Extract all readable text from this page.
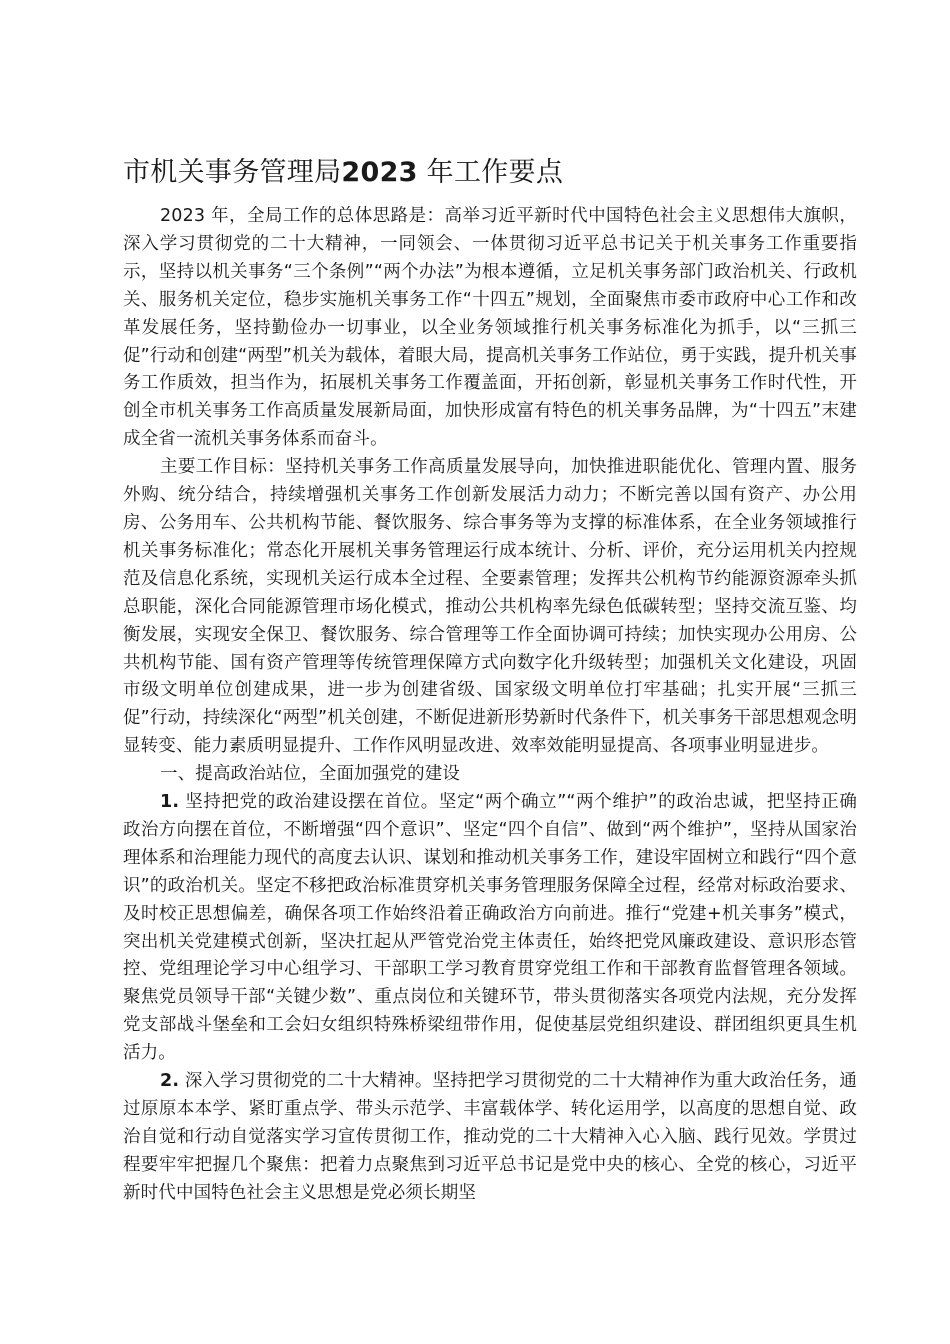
市机关事务管理局2023 年工作要点

2023 年，全局工作的总体思路是：高举习近平新时代中国特色社会主义思想伟大旗帜，深入学习贯彻党的二十大精神，一同领会、一体贯彻习近平总书记关于机关事务工作重要指示，坚持以机关事务“三个条例”“两个办法”为根本遵循，立足机关事务部门政治机关、行政机关、服务机关定位，稳步实施机关事务工作“十四五”规划，全面聚焦市委市政府中心工作和改革发展任务，坚持勤俭办一切事业，以全业务领域推行机关事务标准化为抓手，以“三抓三促”行动和创建“两型”机关为载体，着眼大局，提高机关事务工作站位，勇于实践，提升机关事务工作质效，担当作为，拓展机关事务工作覆盖面，开拓创新，彰显机关事务工作时代性，开创全市机关事务工作高质量发展新局面，加快形成富有特色的机关事务品牌，为“十四五”末建成全省一流机关事务体系而奋斗。

主要工作目标：坚持机关事务工作高质量发展导向，加快推进职能优化、管理内置、服务外购、统分结合，持续增强机关事务工作创新发展活力动力；不断完善以国有资产、办公用房、公务用车、公共机构节能、餐饮服务、综合事务等为支撑的标准体系，在全业务领域推行机关事务标准化；常态化开展机关事务管理运行成本统计、分析、评价，充分运用机关内控规范及信息化系统，实现机关运行成本全过程、全要素管理；发挥共公机构节约能源资源牵头抓总职能，深化合同能源管理市场化模式，推动公共机构率先绿色低碳转型；坚持交流互鉴、均衡发展，实现安全保卫、餐饮服务、综合管理等工作全面协调可持续；加快实现办公用房、公共机构节能、国有资产管理等传统管理保障方式向数字化升级转型；加强机关文化建设，巩固市级文明单位创建成果，进一步为创建省级、国家级文明单位打牢基础；扎实开展“三抓三促”行动，持续深化“两型”机关创建，不断促进新形势新时代条件下，机关事务干部思想观念明显转变、能力素质明显提升、工作作风明显改进、效率效能明显提高、各项事业明显进步。

一、提高政治站位，全面加强党的建设

1. 坚持把党的政治建设摆在首位。坚定“两个确立”“两个维护”的政治忠诚，把坚持正确政治方向摆在首位，不断增强“四个意识”、坚定“四个自信”、做到“两个维护”，坚持从国家治理体系和治理能力现代的高度去认识、谋划和推动机关事务工作，建设牢固树立和践行“四个意识”的政治机关。坚定不移把政治标准贯穿机关事务管理服务保障全过程，经常对标政治要求、及时校正思想偏差，确保各项工作始终沿着正确政治方向前进。推行“党建+机关事务”模式，突出机关党建模式创新，坚决扛起从严管党治党主体责任，始终把党风廉政建设、意识形态管控、党组理论学习中心组学习、干部职工学习教育贯穿党组工作和干部教育监督管理各领域。聚焦党员领导干部“关键少数”、重点岗位和关键环节，带头贯彻落实各项党内法规，充分发挥党支部战斗堡垒和工会妇女组织特殊桥梁纽带作用，促使基层党组织建设、群团组织更具生机活力。

2. 深入学习贯彻党的二十大精神。坚持把学习贯彻党的二十大精神作为重大政治任务，通过原原本本学、紧盯重点学、带头示范学、丰富载体学、转化运用学，以高度的思想自觉、政治自觉和行动自觉落实学习宣传贯彻工作，推动党的二十大精神入心入脑、践行见效。学贯过程要牢牢把握几个聚焦：把着力点聚焦到习近平总书记是党中央的核心、全党的核心，习近平新时代中国特色社会主义思想是党必须长期坚
